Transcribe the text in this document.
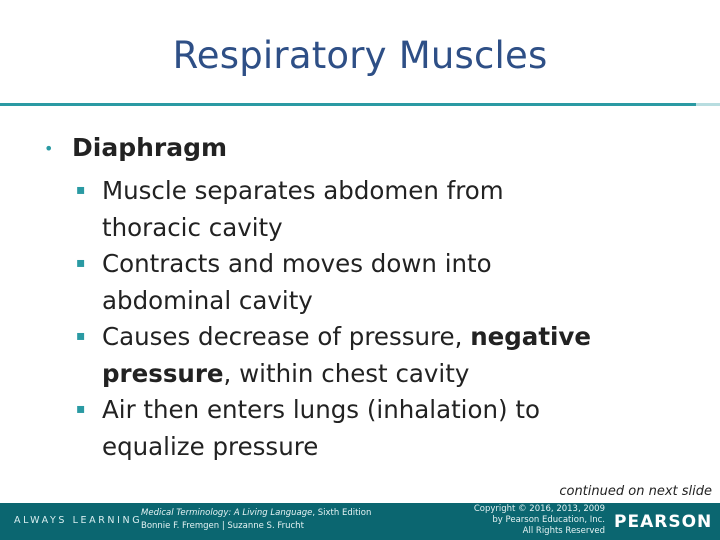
Respiratory Muscles
• Diaphragm
▪ Muscle separates abdomen from
thoracic cavity
▪ Contracts and moves down into
abdominal cavity
▪ Causes decrease of pressure, negative
pressure, within chest cavity
▪ Air then enters lungs (inhalation) to
equalize pressure
continued on next slide
ALWAYS LEARNING
Medical Terminology: A Living Language, Sixth Edition
Bonnie F. Fremgen | Suzanne S. Frucht
Copyright © 2016, 2013, 2009
by Pearson Education, Inc.
All Rights Reserved PEARSON
